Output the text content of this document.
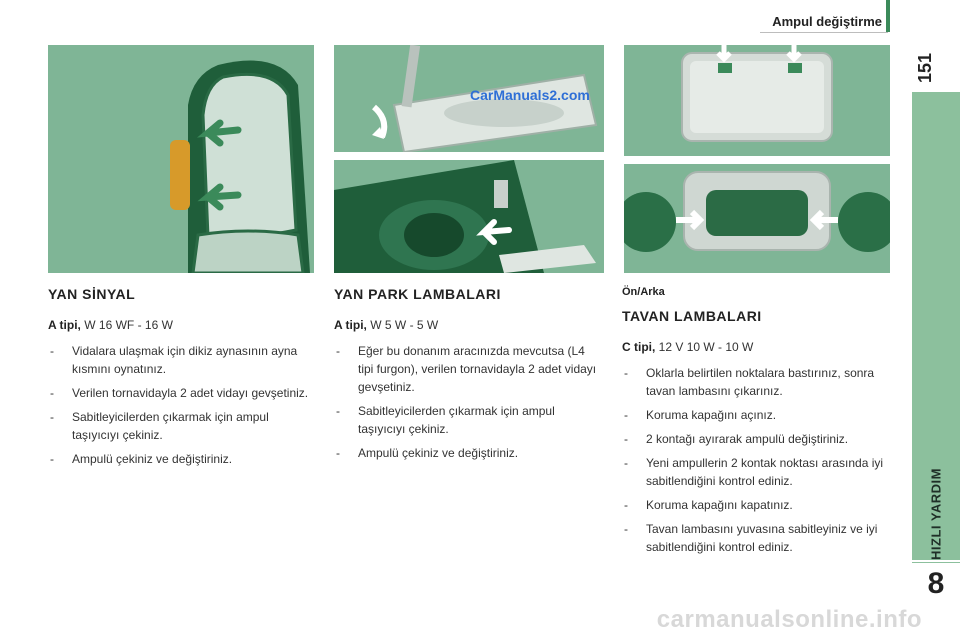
Ampul değiştirme
151
HIZLI YARDIM
8
CarManuals2.com
YAN SİNYAL
A tipi, W 16 WF - 16 W
- Vidalara ulaşmak için dikiz aynasının ayna kısmını oynatınız.
- Verilen tornavidayla 2 adet vidayı gevşetiniz.
- Sabitleyicilerden çıkarmak için ampul taşıyıcıyı çekiniz.
- Ampulü çekiniz ve değiştiriniz.
YAN PARK LAMBALARI
A tipi, W 5 W - 5 W
- Eğer bu donanım aracınızda mevcutsa (L4 tipi furgon), verilen tornavidayla 2 adet vidayı gevşetiniz.
- Sabitleyicilerden çıkarmak için ampul taşıyıcıyı çekiniz.
- Ampulü çekiniz ve değiştiriniz.
Ön/Arka
TAVAN LAMBALARI
C tipi, 12 V 10 W - 10 W
- Oklarla belirtilen noktalara bastırınız, sonra tavan lambasını çıkarınız.
- Koruma kapağını açınız.
- 2 kontağı ayırarak ampulü değiştiriniz.
- Yeni ampullerin 2 kontak noktası arasında iyi sabitlendiğini kontrol ediniz.
- Koruma kapağını kapatınız.
- Tavan lambasını yuvasına sabitleyiniz ve iyi sabitlendiğini kontrol ediniz.
carmanualsonline.info
